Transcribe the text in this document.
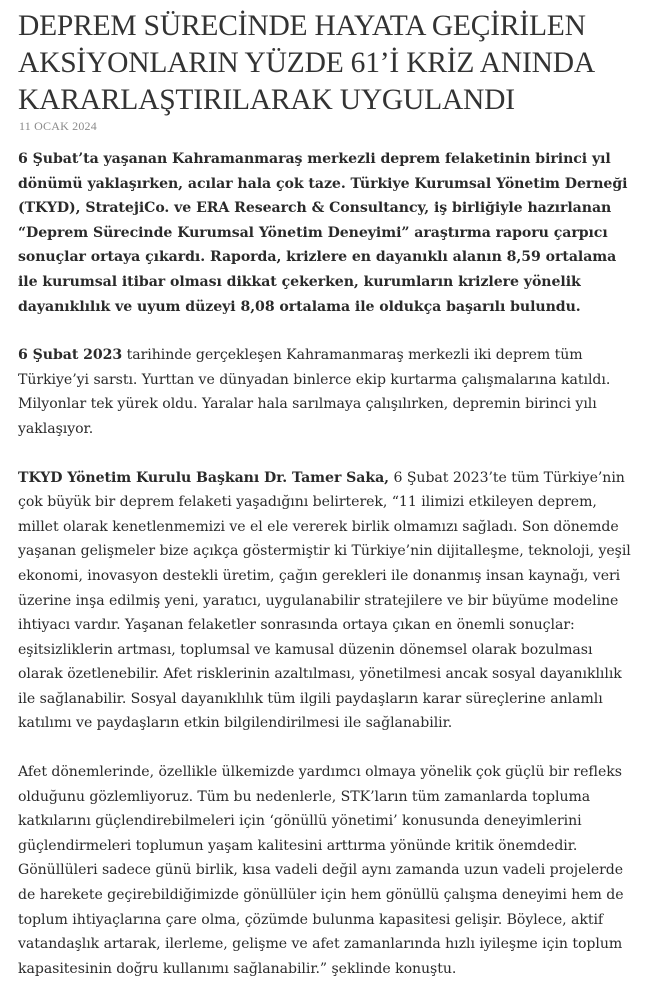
DEPREM SÜRECİNDE HAYATA GEÇİRİLEN AKSİYONLARIN YÜZDE 61’İ KRİZ ANINDA KARARLAŞTIRILARAK UYGULANDI
11 OCAK 2024

6 Şubat’ta yaşanan Kahramanmaraş merkezli deprem felaketinin birinci yıl dönümü yaklaşırken, acılar hala çok taze. Türkiye Kurumsal Yönetim Derneği (TKYD), StratejiCo. ve ERA Research & Consultancy, iş birliğiyle hazırlanan “Deprem Sürecinde Kurumsal Yönetim Deneyimi” araştırma raporu çarpıcı sonuçlar ortaya çıkardı. Raporda, krizlere en dayanıklı alanın 8,59 ortalama ile kurumsal itibar olması dikkat çekerken, kurumların krizlere yönelik dayanıklılık ve uyum düzeyi 8,08 ortalama ile oldukça başarılı bulundu.

6 Şubat 2023 tarihinde gerçekleşen Kahramanmaraş merkezli iki deprem tüm Türkiye’yi sarstı. Yurttan ve dünyadan binlerce ekip kurtarma çalışmalarına katıldı. Milyonlar tek yürek oldu. Yaralar hala sarılmaya çalışılırken, depremin birinci yılı yaklaşıyor.

TKYD Yönetim Kurulu Başkanı Dr. Tamer Saka, 6 Şubat 2023’te tüm Türkiye’nin çok büyük bir deprem felaketi yaşadığını belirterek, “11 ilimizi etkileyen deprem, millet olarak kenetlenmemizi ve el ele vererek birlik olmamızı sağladı. Son dönemde yaşanan gelişmeler bize açıkça göstermiştir ki Türkiye’nin dijitalleşme, teknoloji, yeşil ekonomi, inovasyon destekli üretim, çağın gerekleri ile donanmış insan kaynağı, veri üzerine inşa edilmiş yeni, yaratıcı, uygulanabilir stratejilere ve bir büyüme modeline ihtiyacı vardır. Yaşanan felaketler sonrasında ortaya çıkan en önemli sonuçlar: eşitsizliklerin artması, toplumsal ve kamusal düzenin dönemsel olarak bozulması olarak özetlenebilir. Afet risklerinin azaltılması, yönetilmesi ancak sosyal dayanıklılık ile sağlanabilir. Sosyal dayanıklılık tüm ilgili paydaşların karar süreçlerine anlamlı katılımı ve paydaşların etkin bilgilendirilmesi ile sağlanabilir.

Afet dönemlerinde, özellikle ülkemizde yardımcı olmaya yönelik çok güçlü bir refleks olduğunu gözlemliyoruz. Tüm bu nedenlerle, STK’ların tüm zamanlarda topluma katkılarını güçlendirebilmeleri için ‘gönüllü yönetimi’ konusunda deneyimlerini güçlendirmeleri toplumun yaşam kalitesini arttırma yönünde kritik önemdedir. Gönüllüleri sadece günü birlik, kısa vadeli değil aynı zamanda uzun vadeli projelerde de harekete geçirebildiğimizde gönüllüler için hem gönüllü çalışma deneyimi hem de toplum ihtiyaçlarına çare olma, çözümde bulunma kapasitesi gelişir. Böylece, aktif vatandaşlık artarak, ilerleme, gelişme ve afet zamanlarında hızlı iyileşme için toplum kapasitesinin doğru kullanımı sağlanabilir.” şeklinde konuştu.
